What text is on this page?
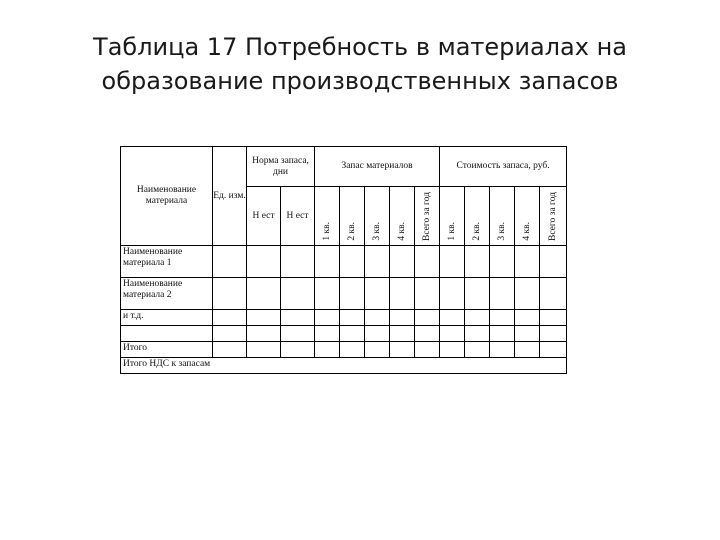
Таблица 17 Потребность в материалах на
образование производственных запасов
Наименование материала	Ед. изм.	Норма запаса, дни		Запас материалов					Стоимость запаса, руб.				

		Н ест	Н ест	1 кв.	2 кв.	3 кв.	4 кв.	Всего за год	1 кв.	2 кв.	3 кв.	4 кв.	Всего за год

Наименование материала 1													
Наименование материала 2													
и т.д.													

Итого													
Итого НДС к запасам													
